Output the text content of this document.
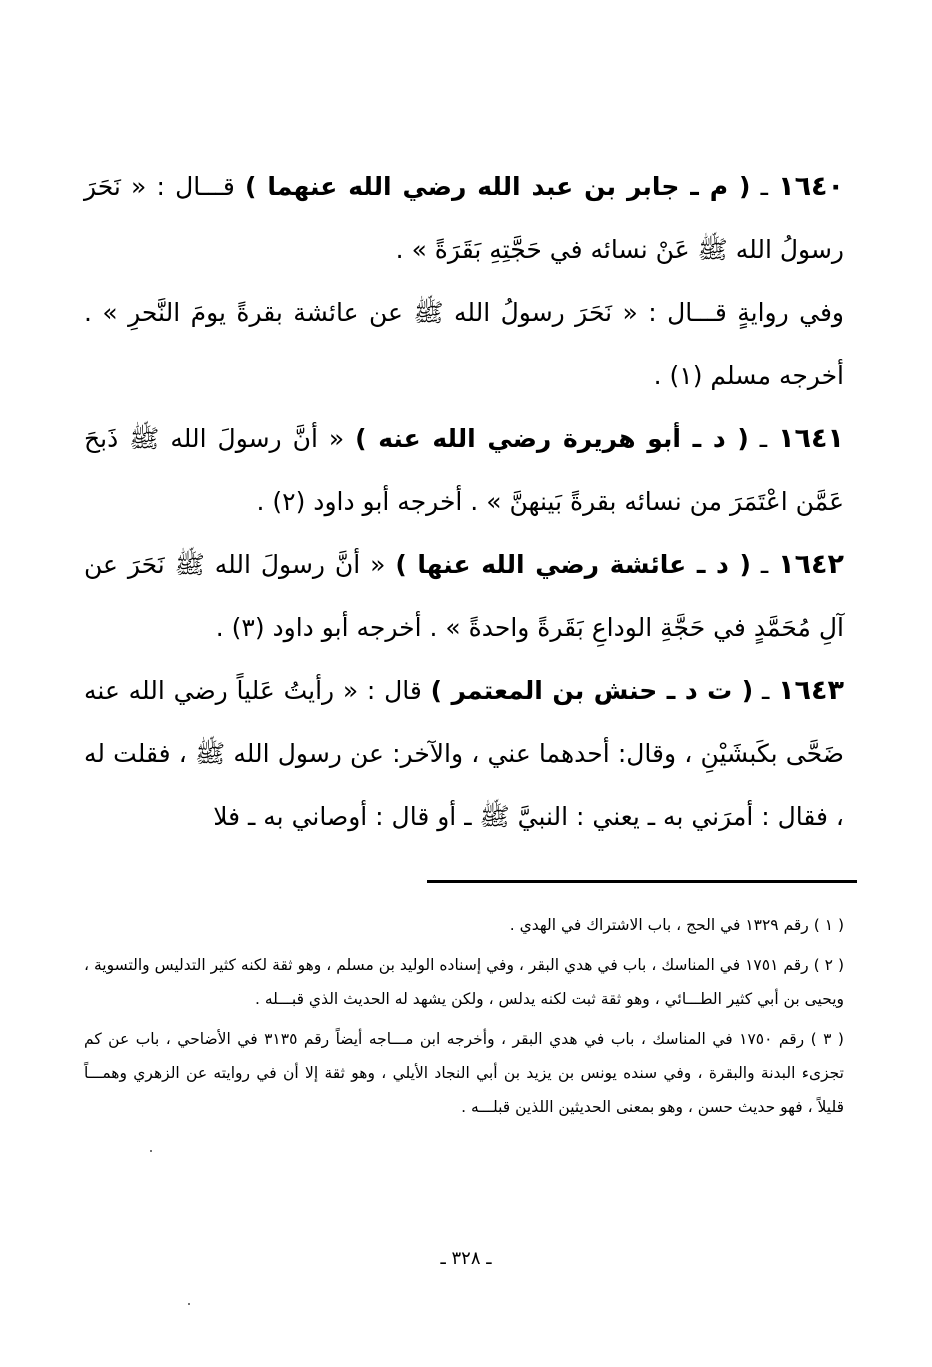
١٦٤٠ ـ ( م ـ جابر بن عبد الله رضي الله عنهما ) قـــال : « نَحَرَ رسولُ الله ﷺ عَنْ نسائه في حَجَّتِهِ بَقَرَةً » .

وفي روايةٍ قـــال : « نَحَرَ رسولُ الله ﷺ عن عائشة بقرةً يومَ النَّحرِ » . أخرجه مسلم (١) .

١٦٤١ ـ ( د ـ أبو هريرة رضي الله عنه ) « أنَّ رسولَ الله ﷺ ذَبحَ عَمَّن اعْتَمَرَ من نسائه بقرةً بَينهنَّ » . أخرجه أبو داود (٢) .

١٦٤٢ ـ ( د ـ عائشة رضي الله عنها ) « أنَّ رسولَ الله ﷺ نَحَرَ عن آلِ مُحَمَّدٍ في حَجَّةِ الوداعِ بَقَرةً واحدةً » . أخرجه أبو داود (٣) .

١٦٤٣ ـ ( ت د ـ حنش بن المعتمر ) قال : « رأيتُ عَلياً رضي الله عنه ضَحَّى بكَبشَيْنِ ، وقال: أحدهما عني ، والآخر: عن رسول الله ﷺ ، فقلت له ، فقال : أمرَني به ـ يعني : النبيَّ ﷺ ـ أو قال : أوصاني به ـ فلا

( ١ ) رقم ١٣٢٩ في الحج ، باب الاشتراك في الهدي .

( ٢ ) رقم ١٧٥١ في المناسك ، باب في هدي البقر ، وفي إسناده الوليد بن مسلم ، وهو ثقة لكنه كثير التدليس والتسوية ، ويحيى بن أبي كثير الطـــائي ، وهو ثقة ثبت لكنه يدلس ، ولكن يشهد له الحديث الذي قبـــله .

( ٣ ) رقم ١٧٥٠ في المناسك ، باب في هدي البقر ، وأخرجه ابن مـــاجه أيضاً رقم ٣١٣٥ في الأضاحي ، باب عن كم تجزىء البدنة والبقرة ، وفي سنده يونس بن يزيد بن أبي النجاد الأيلي ، وهو ثقة إلا أن في روايته عن الزهري وهمـــاً قليلاً ، فهو حديث حسن ، وهو بمعنى الحديثين اللذين قبلـــه .

ـ ٣٢٨ ـ
